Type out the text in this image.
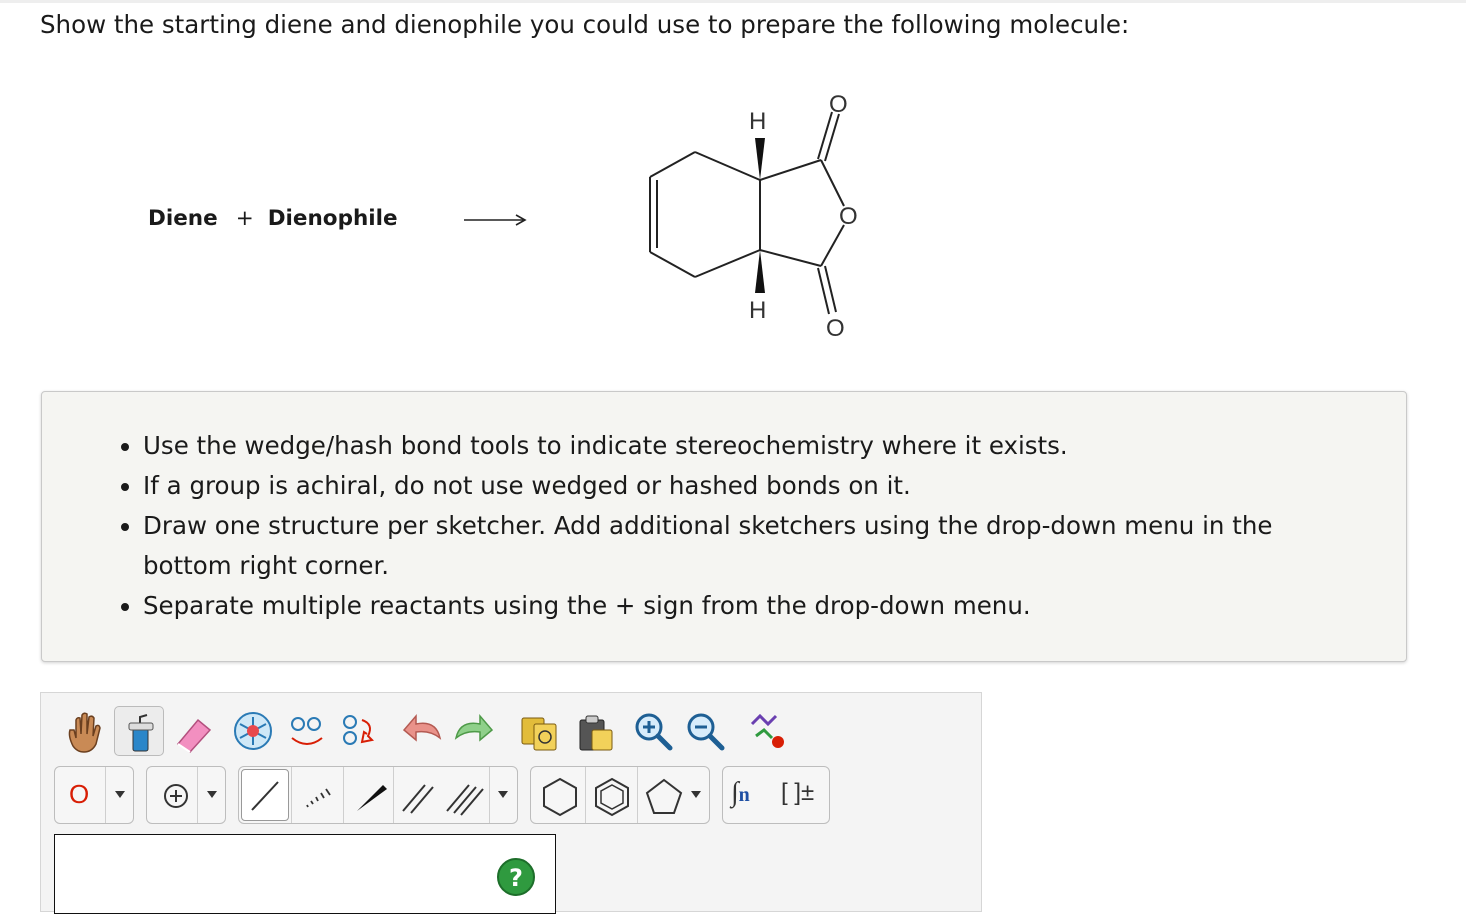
Show the starting diene and dienophile you could use to prepare the following molecule:
Diene + Dienophile
H
H
O
O
O
• Use the wedge/hash bond tools to indicate stereochemistry where it exists.
• If a group is achiral, do not use wedged or hashed bonds on it.
• Draw one structure per sketcher. Add additional sketchers using the drop-down menu in the bottom right corner.
• Separate multiple reactants using the + sign from the drop-down menu.
O	∫n [ ]±
?
